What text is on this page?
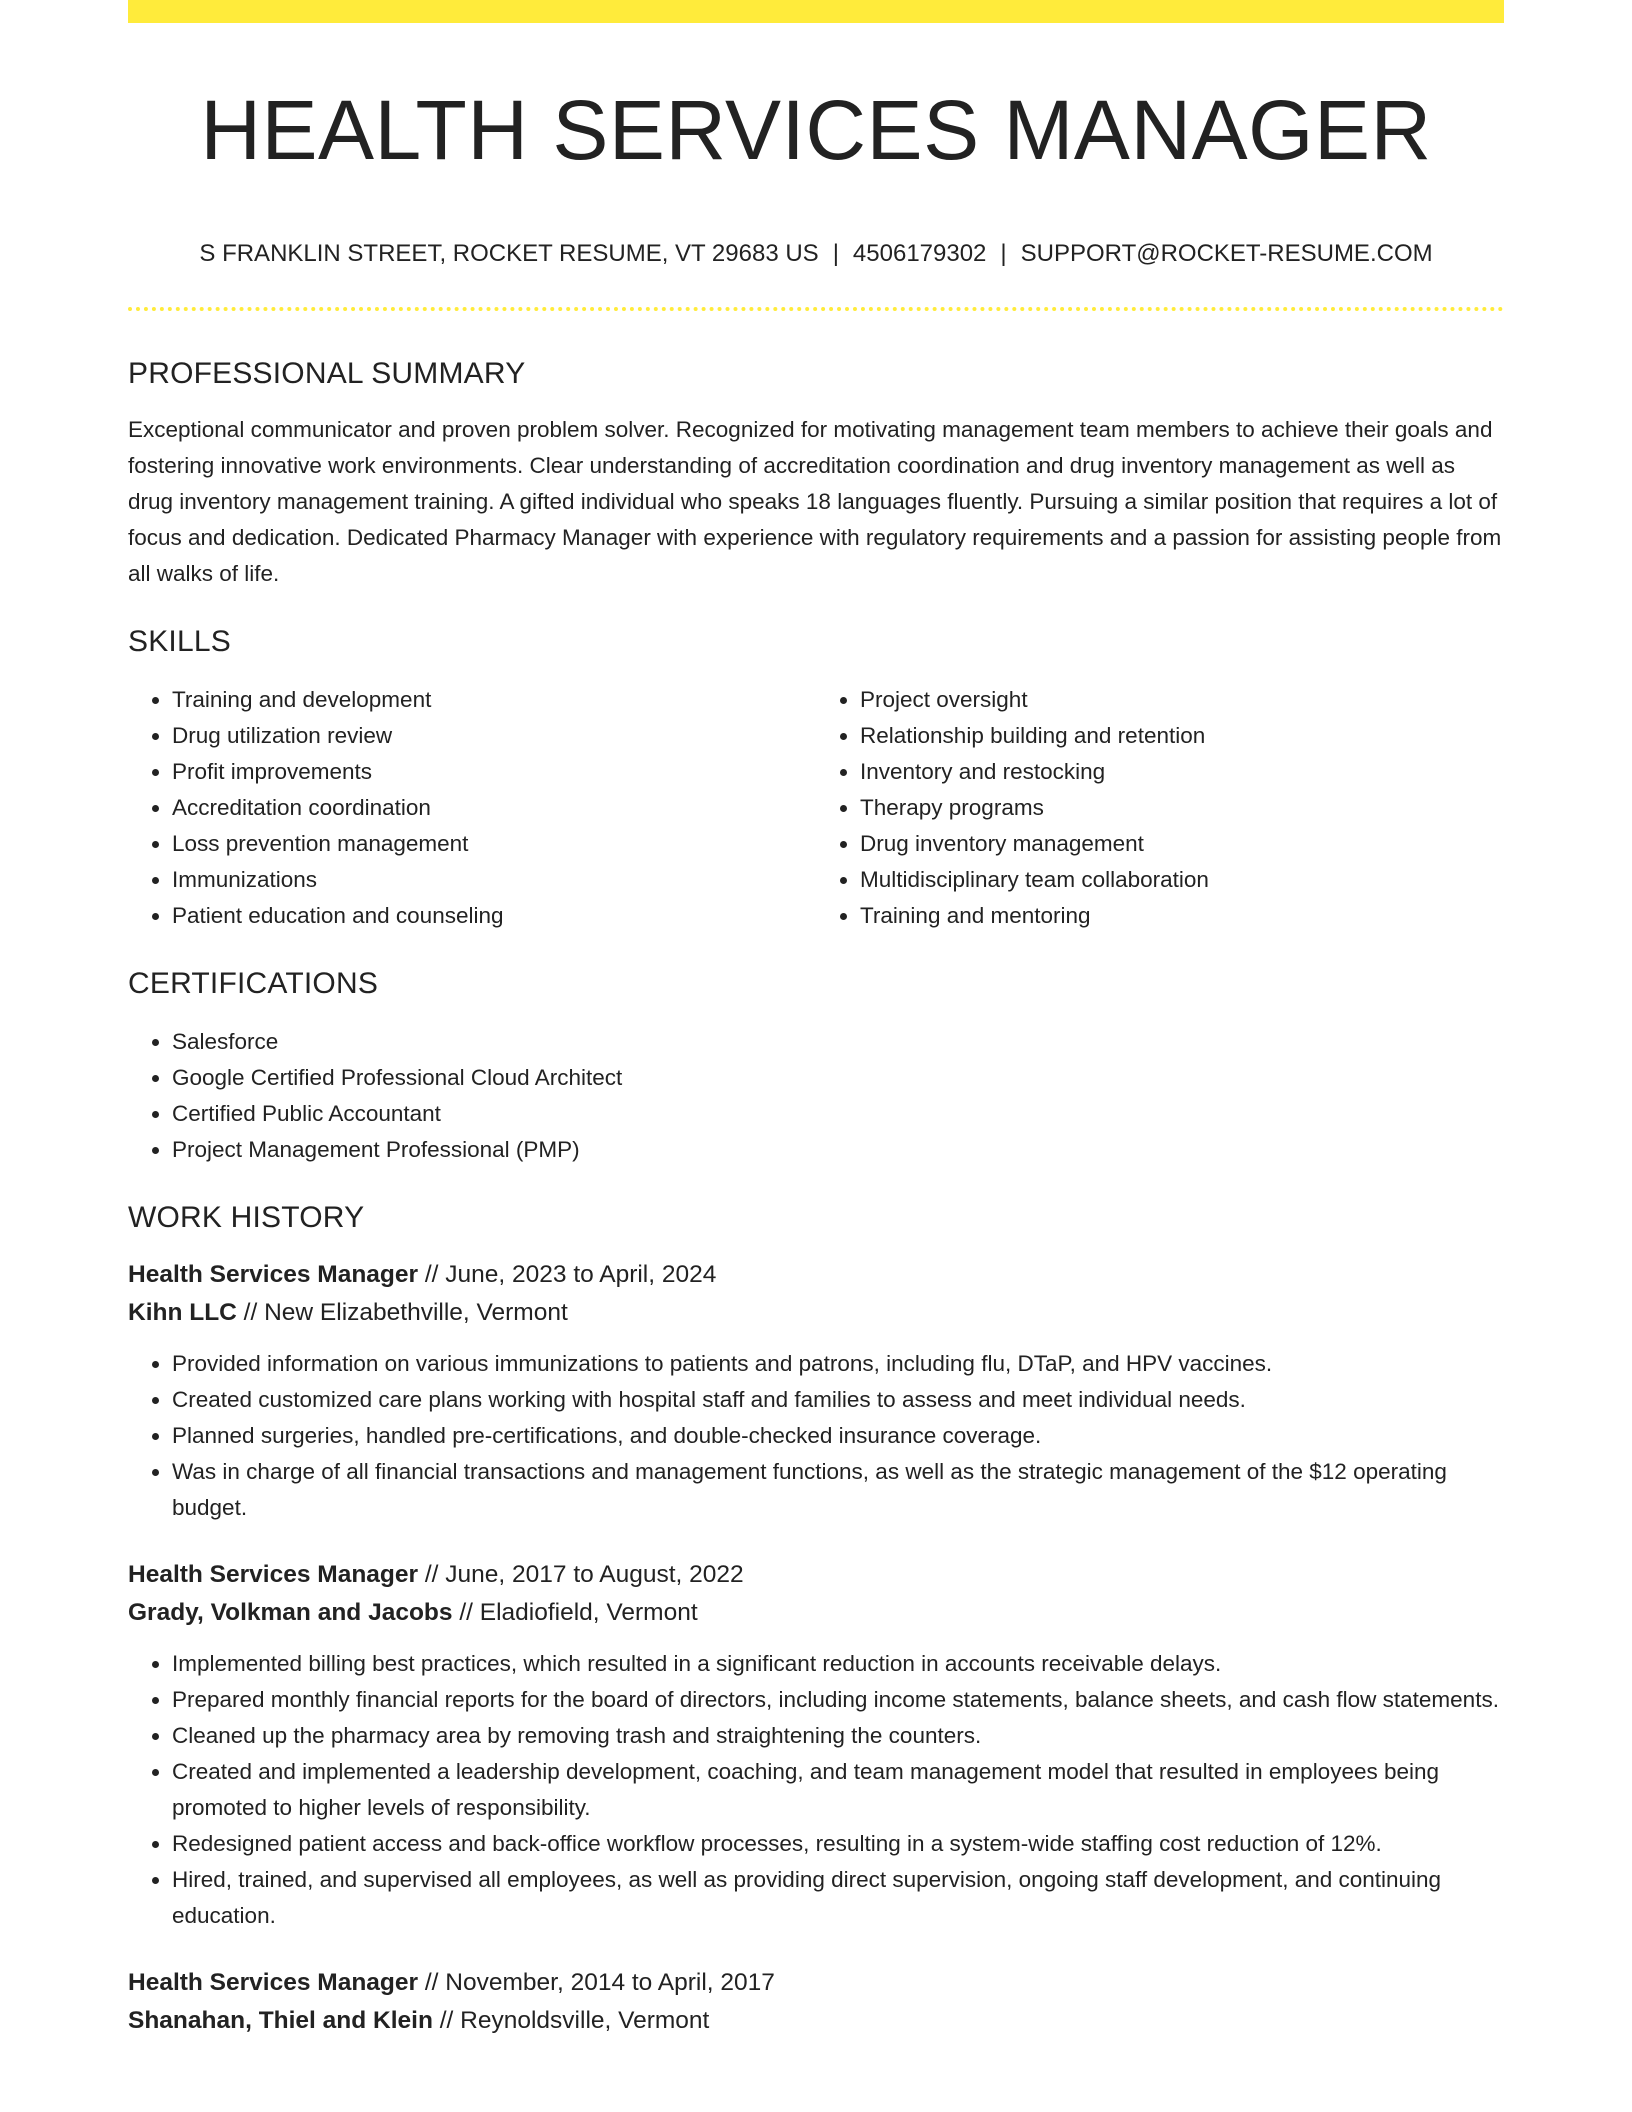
HEALTH SERVICES MANAGER
S FRANKLIN STREET, ROCKET RESUME, VT 29683 US | 4506179302 | SUPPORT@ROCKET-RESUME.COM
PROFESSIONAL SUMMARY

Exceptional communicator and proven problem solver. Recognized for motivating management team members to achieve their goals and fostering innovative work environments. Clear understanding of accreditation coordination and drug inventory management as well as drug inventory management training. A gifted individual who speaks 18 languages fluently. Pursuing a similar position that requires a lot of focus and dedication. Dedicated Pharmacy Manager with experience with regulatory requirements and a passion for assisting people from all walks of life.

SKILLS
• Training and development
• Drug utilization review
• Profit improvements
• Accreditation coordination
• Loss prevention management
• Immunizations
• Patient education and counseling
• Project oversight
• Relationship building and retention
• Inventory and restocking
• Therapy programs
• Drug inventory management
• Multidisciplinary team collaboration
• Training and mentoring
CERTIFICATIONS
• Salesforce
• Google Certified Professional Cloud Architect
• Certified Public Accountant
• Project Management Professional (PMP)
WORK HISTORY
Health Services Manager // June, 2023 to April, 2024
Kihn LLC // New Elizabethville, Vermont
• Provided information on various immunizations to patients and patrons, including flu, DTaP, and HPV vaccines.
• Created customized care plans working with hospital staff and families to assess and meet individual needs.
• Planned surgeries, handled pre-certifications, and double-checked insurance coverage.
• Was in charge of all financial transactions and management functions, as well as the strategic management of the $12 operating budget.
Health Services Manager // June, 2017 to August, 2022
Grady, Volkman and Jacobs // Eladiofield, Vermont
• Implemented billing best practices, which resulted in a significant reduction in accounts receivable delays.
• Prepared monthly financial reports for the board of directors, including income statements, balance sheets, and cash flow statements.
• Cleaned up the pharmacy area by removing trash and straightening the counters.
• Created and implemented a leadership development, coaching, and team management model that resulted in employees being promoted to higher levels of responsibility.
• Redesigned patient access and back-office workflow processes, resulting in a system-wide staffing cost reduction of 12%.
• Hired, trained, and supervised all employees, as well as providing direct supervision, ongoing staff development, and continuing education.
Health Services Manager // November, 2014 to April, 2017
Shanahan, Thiel and Klein // Reynoldsville, Vermont
